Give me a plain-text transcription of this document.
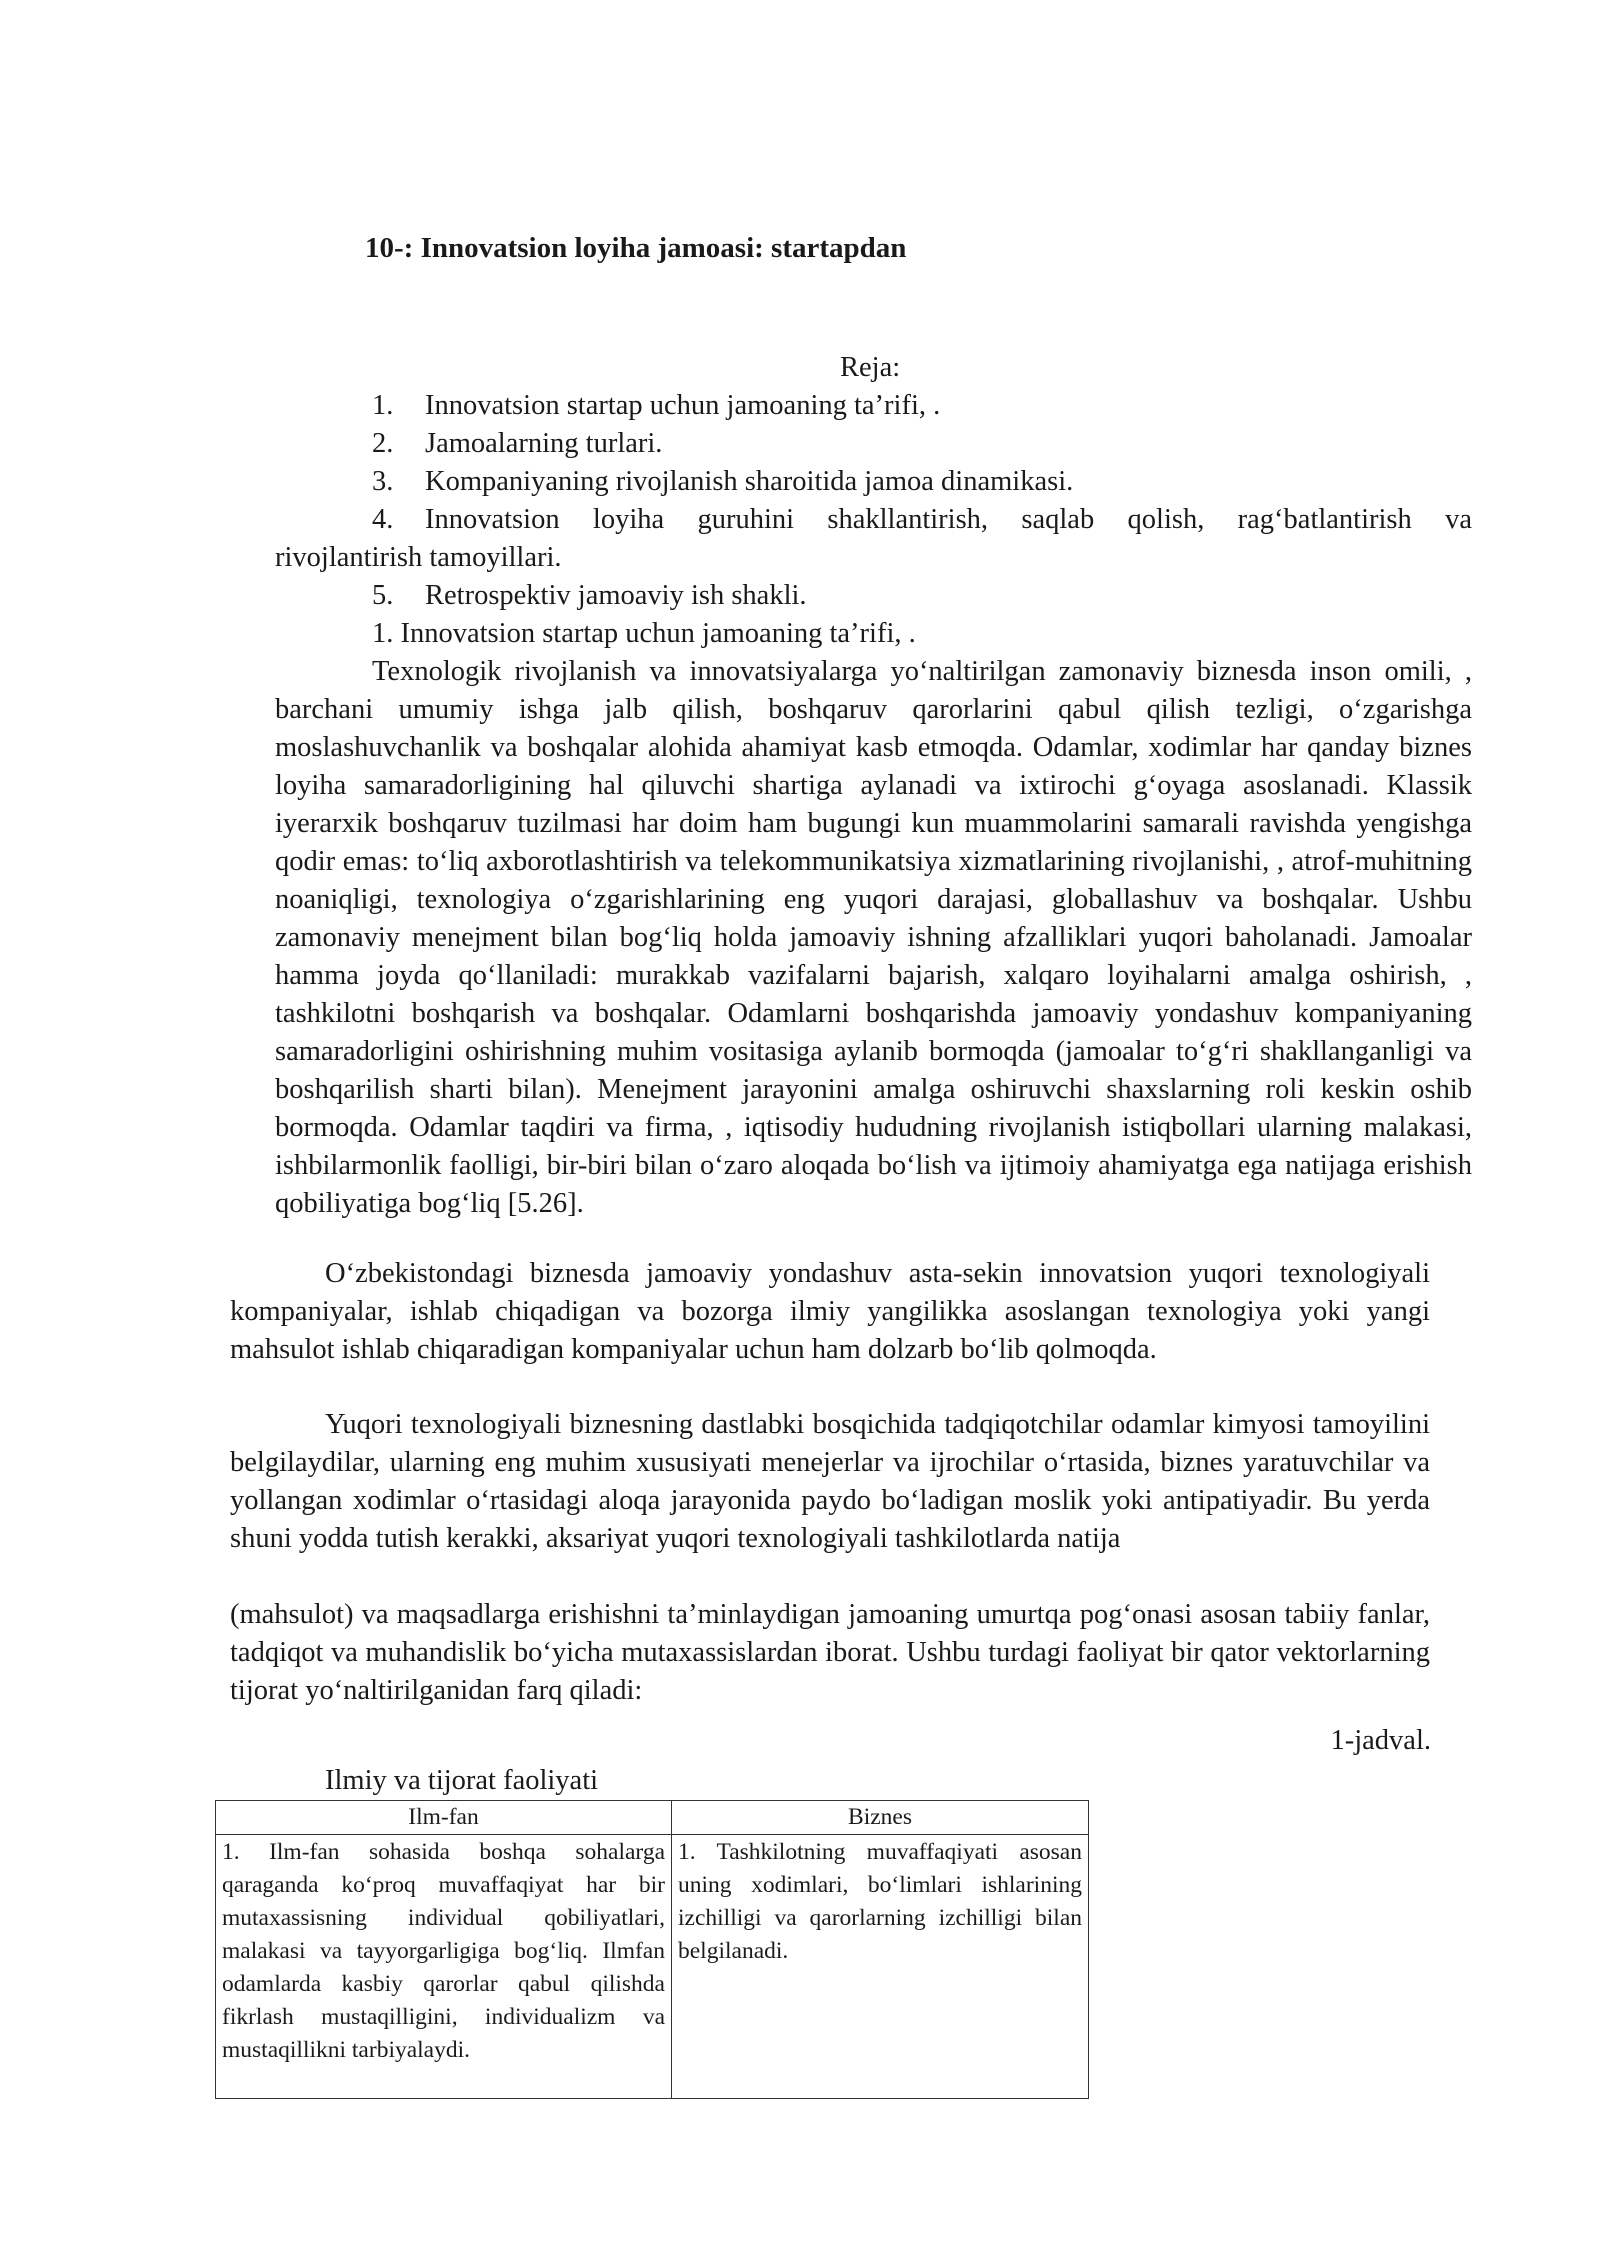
10-: Innovatsion loyiha jamoasi: startapdan

Reja:

1. Innovatsion startap uchun jamoaning ta’rifi, .
2. Jamoalarning turlari.
3. Kompaniyaning rivojlanish sharoitida jamoa dinamikasi.
4. Innovatsion loyiha guruhini shakllantirish, saqlab qolish, rag‘batlantirish va
rivojlantirish tamoyillari.
5. Retrospektiv jamoaviy ish shakli.
1. Innovatsion startap uchun jamoaning ta’rifi, .

Texnologik rivojlanish va innovatsiyalarga yo‘naltirilgan zamonaviy biznesda inson omili, , barchani umumiy ishga jalb qilish, boshqaruv qarorlarini qabul qilish tezligi, o‘zgarishga moslashuvchanlik va boshqalar alohida ahamiyat kasb etmoqda. Odamlar, xodimlar har qanday biznes loyiha samaradorligining hal qiluvchi shartiga aylanadi va ixtirochi g‘oyaga asoslanadi. Klassik iyerarxik boshqaruv tuzilmasi har doim ham bugungi kun muammolarini samarali ravishda yengishga qodir emas: to‘liq axborotlashtirish va telekommunikatsiya xizmatlarining rivojlanishi, , atrof-muhitning noaniqligi, texnologiya o‘zgarishlarining eng yuqori darajasi, globallashuv va boshqalar. Ushbu zamonaviy menejment bilan bog‘liq holda jamoaviy ishning afzalliklari yuqori baholanadi. Jamoalar hamma joyda qo‘llaniladi: murakkab vazifalarni bajarish, xalqaro loyihalarni amalga oshirish, , tashkilotni boshqarish va boshqalar. Odamlarni boshqarishda jamoaviy yondashuv kompaniyaning samaradorligini oshirishning muhim vositasiga aylanib bormoqda (jamoalar to‘g‘ri shakllanganligi va boshqarilish sharti bilan). Menejment jarayonini amalga oshiruvchi shaxslarning roli keskin oshib bormoqda. Odamlar taqdiri va firma, , iqtisodiy hududning rivojlanish istiqbollari ularning malakasi, ishbilarmonlik faolligi, bir-biri bilan o‘zaro aloqada bo‘lish va ijtimoiy ahamiyatga ega natijaga erishish qobiliyatiga bog‘liq [5.26].

O‘zbekistondagi biznesda jamoaviy yondashuv asta-sekin innovatsion yuqori texnologiyali kompaniyalar, ishlab chiqadigan va bozorga ilmiy yangilikka asoslangan texnologiya yoki yangi mahsulot ishlab chiqaradigan kompaniyalar uchun ham dolzarb bo‘lib qolmoqda.

Yuqori texnologiyali biznesning dastlabki bosqichida tadqiqotchilar odamlar kimyosi tamoyilini belgilaydilar, ularning eng muhim xususiyati menejerlar va ijrochilar o‘rtasida, biznes yaratuvchilar va yollangan xodimlar o‘rtasidagi aloqa jarayonida paydo bo‘ladigan moslik yoki antipatiyadir. Bu yerda shuni yodda tutish kerakki, aksariyat yuqori texnologiyali tashkilotlarda natija

(mahsulot) va maqsadlarga erishishni ta’minlaydigan jamoaning umurtqa pog‘onasi asosan tabiiy fanlar, tadqiqot va muhandislik bo‘yicha mutaxassislardan iborat. Ushbu turdagi faoliyat bir qator vektorlarning tijorat yo‘naltirilganidan farq qiladi:

1-jadval.

Ilmiy va tijorat faoliyati

Ilm-fan	Biznes

1. Ilm-fan sohasida boshqa sohalarga qaraganda ko‘proq muvaffaqiyat har bir mutaxassisning individual qobiliyatlari, malakasi va tayyorgarligiga bog‘liq. Ilmfan odamlarda kasbiy qarorlar qabul qilishda fikrlash mustaqilligini, individualizm va mustaqillikni tarbiyalaydi.	1. Tashkilotning muvaffaqiyati asosan uning xodimlari, bo‘limlari ishlarining izchilligi va qarorlarning izchilligi bilan belgilanadi.
